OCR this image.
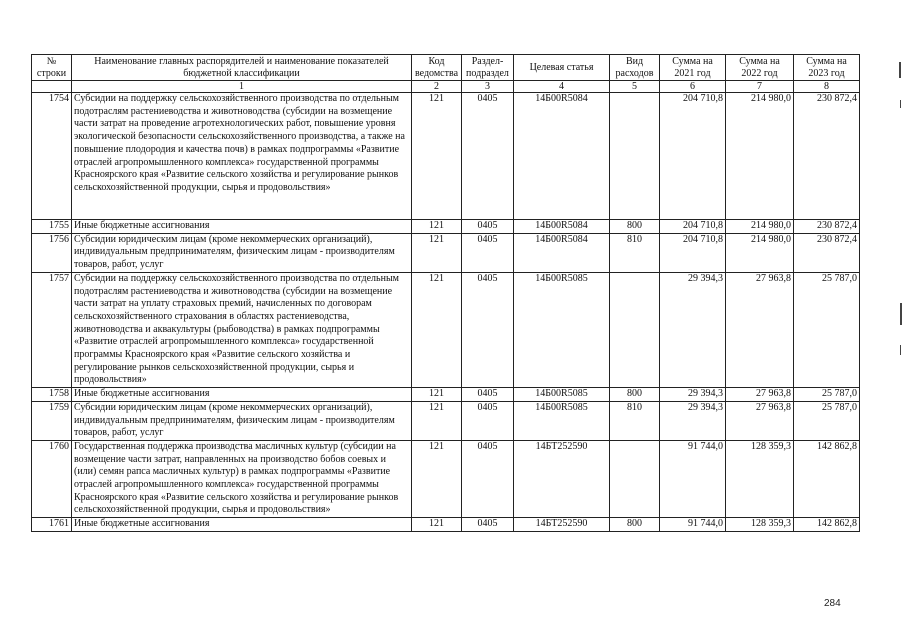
№ строки	Наименование главных распорядителей и наименование показателей бюджетной классификации	Код ведомства	Раздел-подраздел	Целевая статья	Вид расходов	Сумма на 2021 год	Сумма на 2022 год	Сумма на 2023 год
	1	2	3	4	5	6	7	8
1754	Субсидии на поддержку сельскохозяйственного производства по отдельным подотраслям растениеводства и животноводства (субсидии на возмещение части затрат на проведение агротехнологических работ, повышение уровня экологической безопасности сельскохозяйственного производства, а также на повышение плодородия и качества почв) в рамках подпрограммы «Развитие отраслей агропромышленного комплекса» государственной программы Красноярского края «Развитие сельского хозяйства и регулирование рынков сельскохозяйственной продукции, сырья и продовольствия»	121	0405	14Б00R5084		204 710,8	214 980,0	230 872,4
1755	Иные бюджетные ассигнования	121	0405	14Б00R5084	800	204 710,8	214 980,0	230 872,4
1756	Субсидии юридическим лицам (кроме некоммерческих организаций), индивидуальным предпринимателям, физическим лицам - производителям товаров, работ, услуг	121	0405	14Б00R5084	810	204 710,8	214 980,0	230 872,4
1757	Субсидии на поддержку сельскохозяйственного производства по отдельным подотраслям растениеводства и животноводства (субсидии на возмещение части затрат на уплату страховых премий, начисленных по договорам сельскохозяйственного страхования в областях растениеводства, животноводства и аквакультуры (рыбоводства) в рамках подпрограммы «Развитие отраслей агропромышленного комплекса» государственной программы Красноярского края «Развитие сельского хозяйства и регулирование рынков сельскохозяйственной продукции, сырья и продовольствия»	121	0405	14Б00R5085		29 394,3	27 963,8	25 787,0
1758	Иные бюджетные ассигнования	121	0405	14Б00R5085	800	29 394,3	27 963,8	25 787,0
1759	Субсидии юридическим лицам (кроме некоммерческих организаций), индивидуальным предпринимателям, физическим лицам - производителям товаров, работ, услуг	121	0405	14Б00R5085	810	29 394,3	27 963,8	25 787,0
1760	Государственная поддержка производства масличных культур (субсидии на возмещение части затрат, направленных на производство бобов соевых и (или) семян рапса масличных культур) в рамках подпрограммы «Развитие отраслей агропромышленного комплекса» государственной программы Красноярского края «Развитие сельского хозяйства и регулирование рынков сельскохозяйственной продукции, сырья и продовольствия»	121	0405	14БТ252590		91 744,0	128 359,3	142 862,8
1761	Иные бюджетные ассигнования	121	0405	14БТ252590	800	91 744,0	128 359,3	142 862,8
284
